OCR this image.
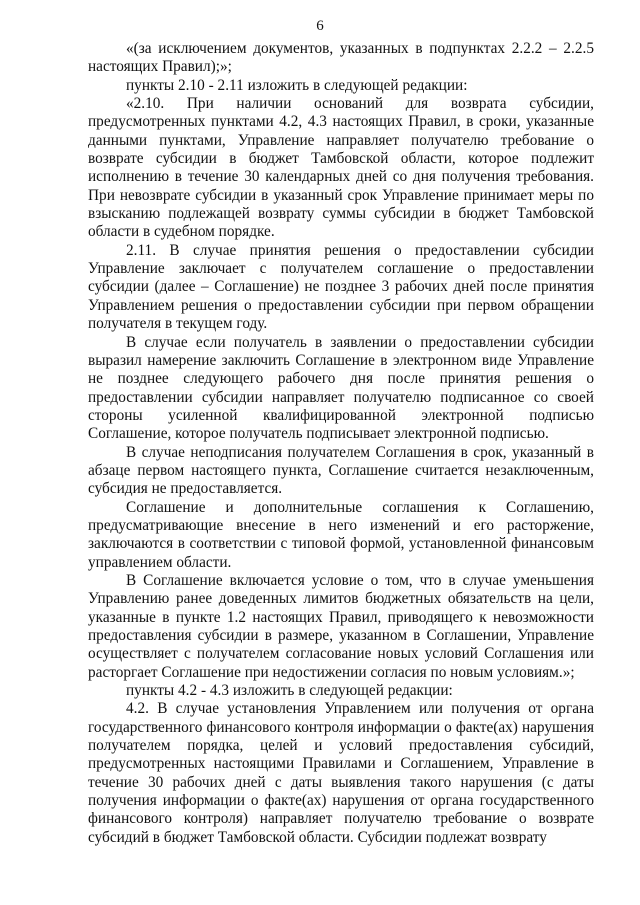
6

«(за исключением документов, указанных в подпунктах 2.2.2 – 2.2.5 настоящих Правил);»;

пункты 2.10 - 2.11 изложить в следующей редакции:

«2.10. При наличии оснований для возврата субсидии, предусмотренных пунктами 4.2, 4.3 настоящих Правил, в сроки, указанные данными пунктами, Управление направляет получателю требование о возврате субсидии в бюджет Тамбовской области, которое подлежит исполнению в течение 30 календарных дней со дня получения требования. При невозврате субсидии в указанный срок Управление принимает меры по взысканию подлежащей возврату суммы субсидии в бюджет Тамбовской области в судебном порядке.

2.11. В случае принятия решения о предоставлении субсидии Управление заключает с получателем соглашение о предоставлении субсидии (далее – Соглашение) не позднее 3 рабочих дней после принятия Управлением решения о предоставлении субсидии при первом обращении получателя в текущем году.

В случае если получатель в заявлении о предоставлении субсидии выразил намерение заключить Соглашение в электронном виде Управление не позднее следующего рабочего дня после принятия решения о предоставлении субсидии направляет получателю подписанное со своей стороны усиленной квалифицированной электронной подписью Соглашение, которое получатель подписывает электронной подписью.

В случае неподписания получателем Соглашения в срок, указанный в абзаце первом настоящего пункта, Соглашение считается незаключенным, субсидия не предоставляется.

Соглашение и дополнительные соглашения к Соглашению, предусматривающие внесение в него изменений и его расторжение, заключаются в соответствии с типовой формой, установленной финансовым управлением области.

В Соглашение включается условие о том, что в случае уменьшения Управлению ранее доведенных лимитов бюджетных обязательств на цели, указанные в пункте 1.2 настоящих Правил, приводящего к невозможности предоставления субсидии в размере, указанном в Соглашении, Управление осуществляет с получателем согласование новых условий Соглашения или расторгает Соглашение при недостижении согласия по новым условиям.»;

пункты 4.2 - 4.3 изложить в следующей редакции:

4.2. В случае установления Управлением или получения от органа государственного финансового контроля информации о факте(ах) нарушения получателем порядка, целей и условий предоставления субсидий, предусмотренных настоящими Правилами и Соглашением, Управление в течение 30 рабочих дней с даты выявления такого нарушения (с даты получения информации о факте(ах) нарушения от органа государственного финансового контроля) направляет получателю требование о возврате субсидий в бюджет Тамбовской области. Субсидии подлежат возврату
